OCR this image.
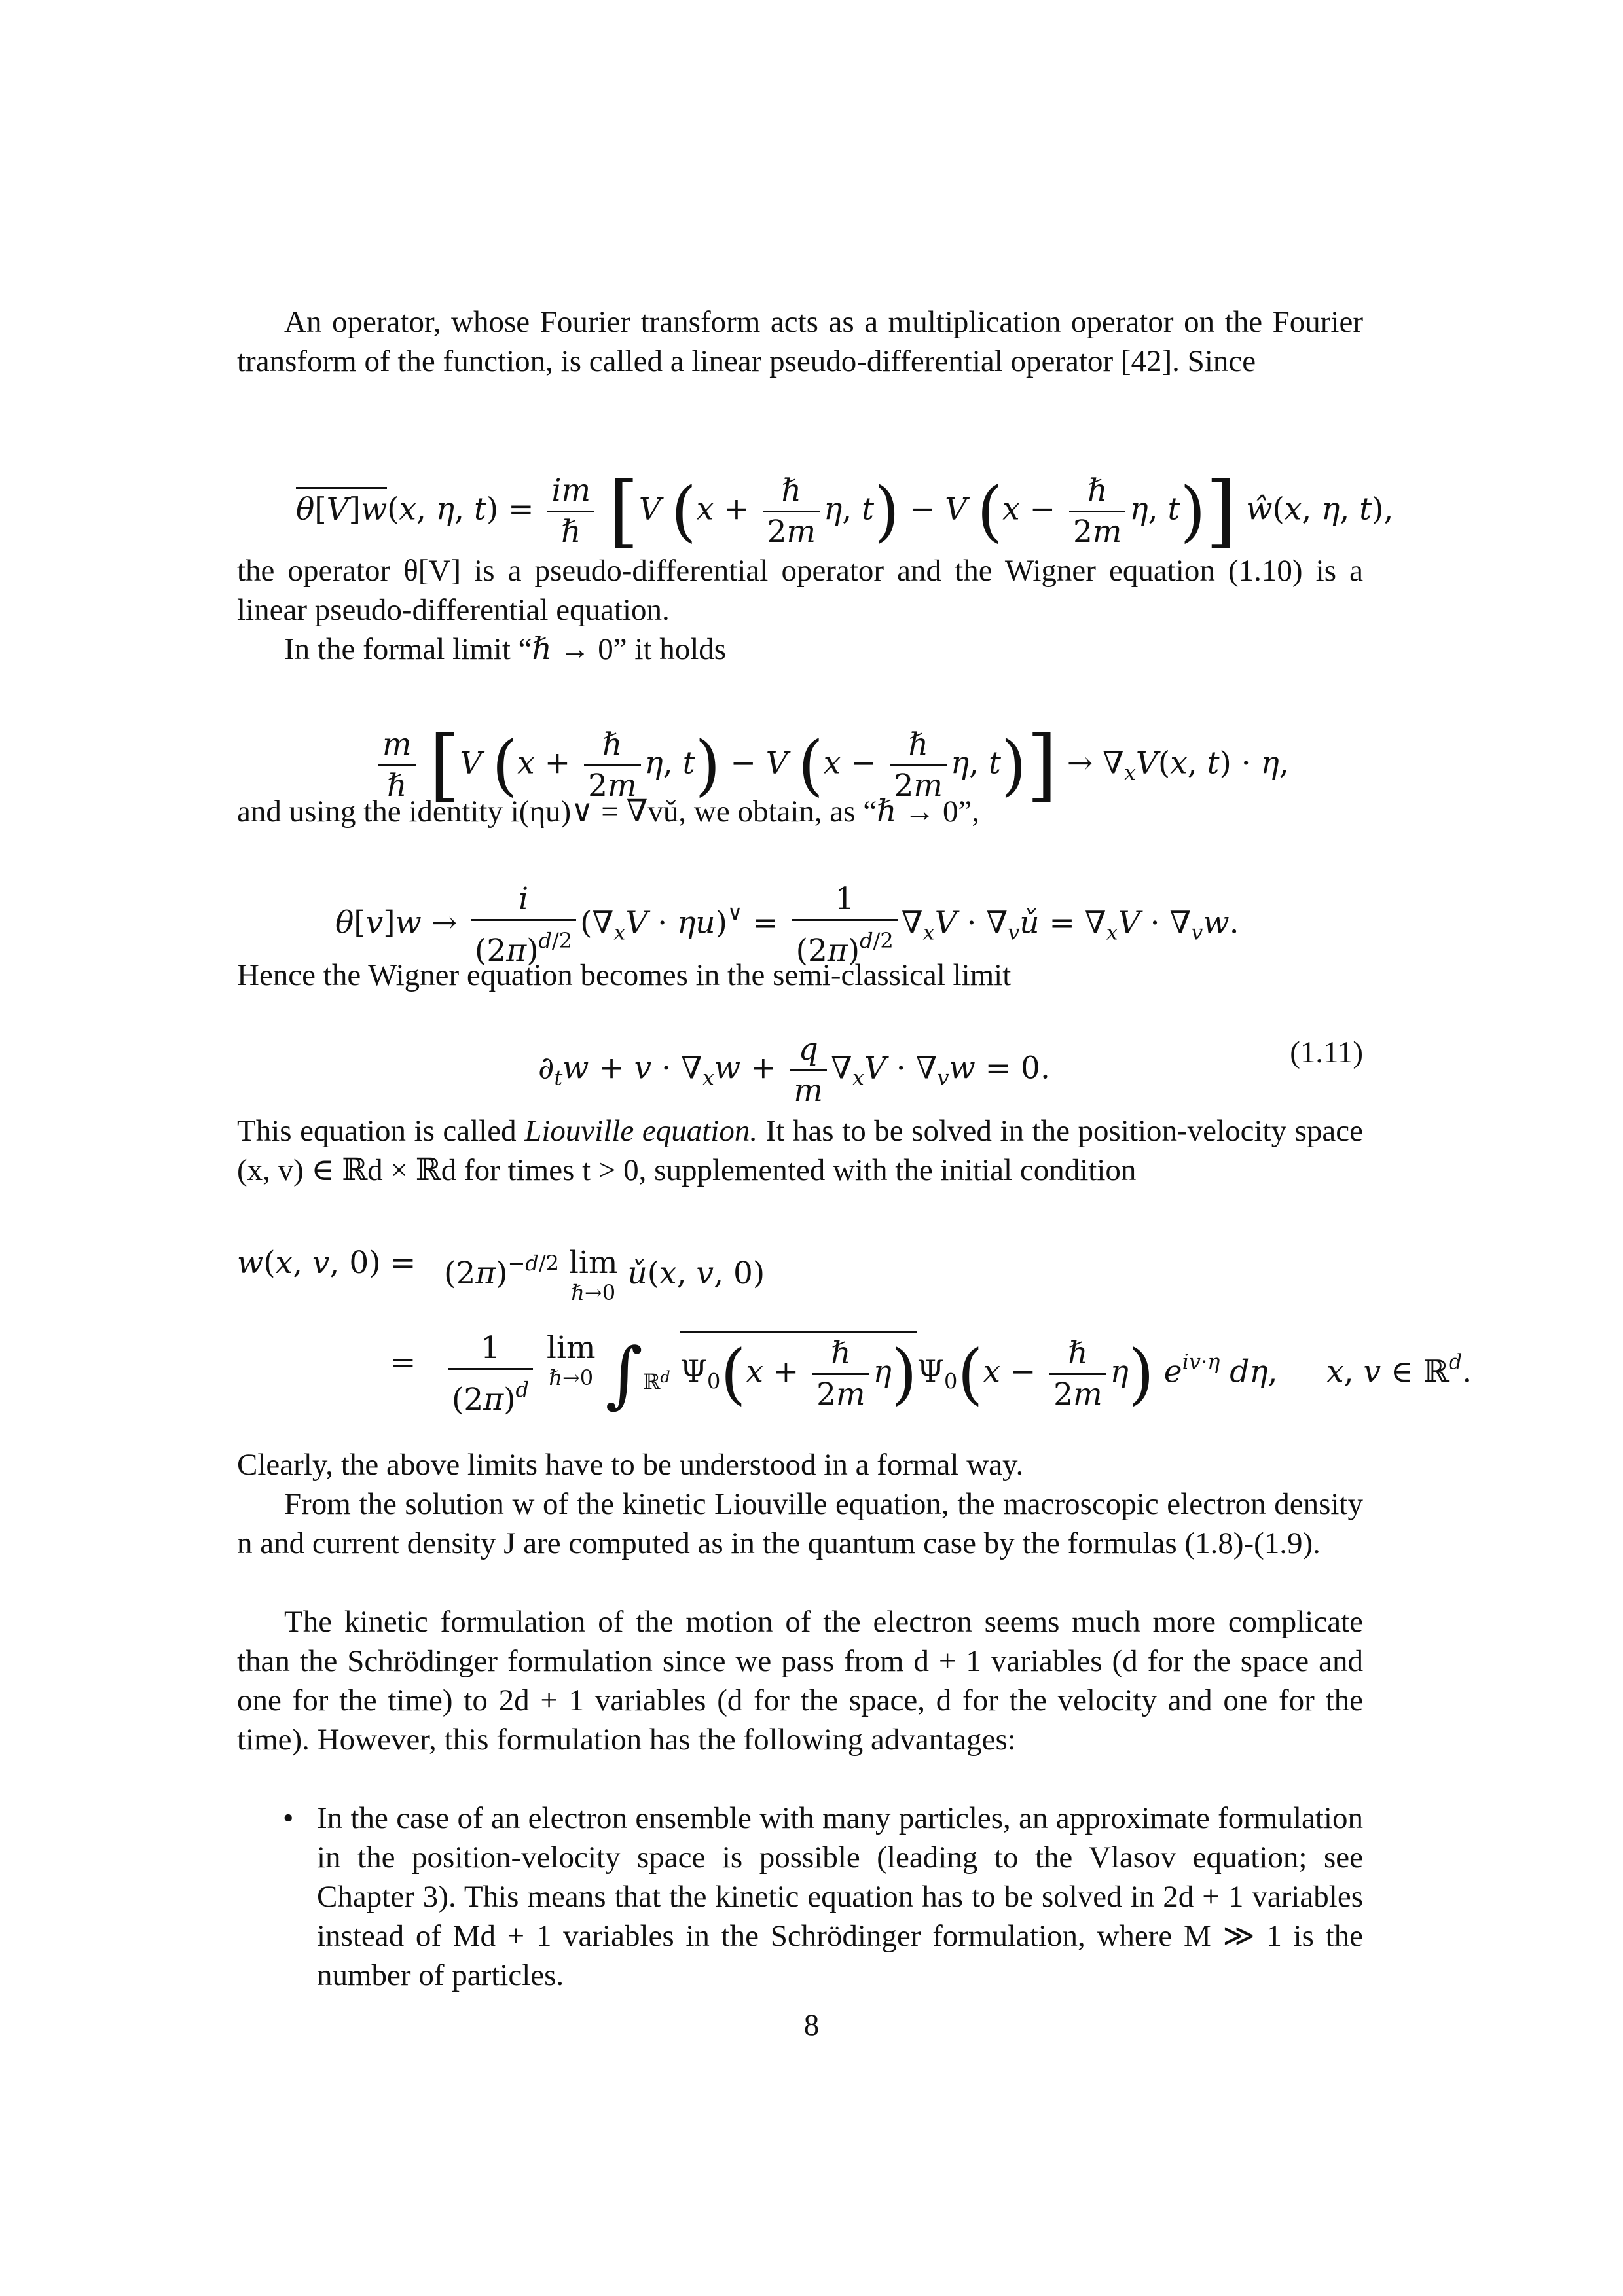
An operator, whose Fourier transform acts as a multiplication operator on the Fourier transform of the function, is called a linear pseudo-differential operator [42]. Since
θ[V]w(x, η, $t) = \frac{im}{\text{ℏ}} [V$ ($x + \frac{\text{ℏ}}{2m} \eta$, t) − V ($x - \frac{\text{ℏ}}{2m} \eta$, t)] ŵ(x, η, t),
the operator θ[V] is a pseudo-differential operator and the Wigner equation (1.10) is a linear pseudo-differential equation.
In the formal limit “ℏ → 0” it holds
$\frac{m}{\text{ℏ}} [V$ ($x + \frac{\text{ℏ}}{2m} \eta$, t) − V ($x - \frac{\text{ℏ}}{2m} \eta$, $t)] \to \nabla_xV(x$, t) · η,
and using the identity i(ηu)∨ = ∇vǔ, we obtain, as “ℏ → 0”,
$\theta[v]w \to \frac{i}{(2\pi)^{d/2}} (\nabla_xV \cdot \eta u)^\vee = \frac{1}{(2\pi)^{d/2}} \nabla_xV$ · $\nabla_vǔ = \nabla_xV \cdot \nabla_vw$.
Hence the Wigner equation becomes in the semi-classical limit
$\partial_tw + v \cdot \nabla_xw + \frac{q}{m} \nabla_xV \cdot \nabla_vw = 0$.	(1.11)
This equation is called Liouville equation. It has to be solved in the position-velocity space (x, v) ∈ ℝd × ℝd for times t > 0, supplemented with the initial condition
w(x, v, $0) = (2\pi)^{-d/2}$ lim
ℏ→0
ǔ(x, v, 0)
= $\frac{1}{(2\pi)^d}$ lim
ℏ→0 $\int_{ℝ^d}$ $\Psi_0(x + \frac{\text{ℏ}}{2m} \eta)\Psi_0(x - \frac{\text{ℏ}}{2m} \eta)$ $e^{iv\cdot\eta}$ dη,     x, v ∈ ℝ$^d$.
Clearly, the above limits have to be understood in a formal way.
From the solution w of the kinetic Liouville equation, the macroscopic electron density n and current density J are computed as in the quantum case by the formulas (1.8)-(1.9).
The kinetic formulation of the motion of the electron seems much more complicate than the Schrödinger formulation since we pass from d + 1 variables (d for the space and one for the time) to 2d + 1 variables (d for the space, d for the velocity and one for the time). However, this formulation has the following advantages:
• In the case of an electron ensemble with many particles, an approximate formulation in the position-velocity space is possible (leading to the Vlasov equation; see Chapter 3). This means that the kinetic equation has to be solved in 2d + 1 variables instead of Md + 1 variables in the Schrödinger formulation, where M ≫ 1 is the number of particles.
8
